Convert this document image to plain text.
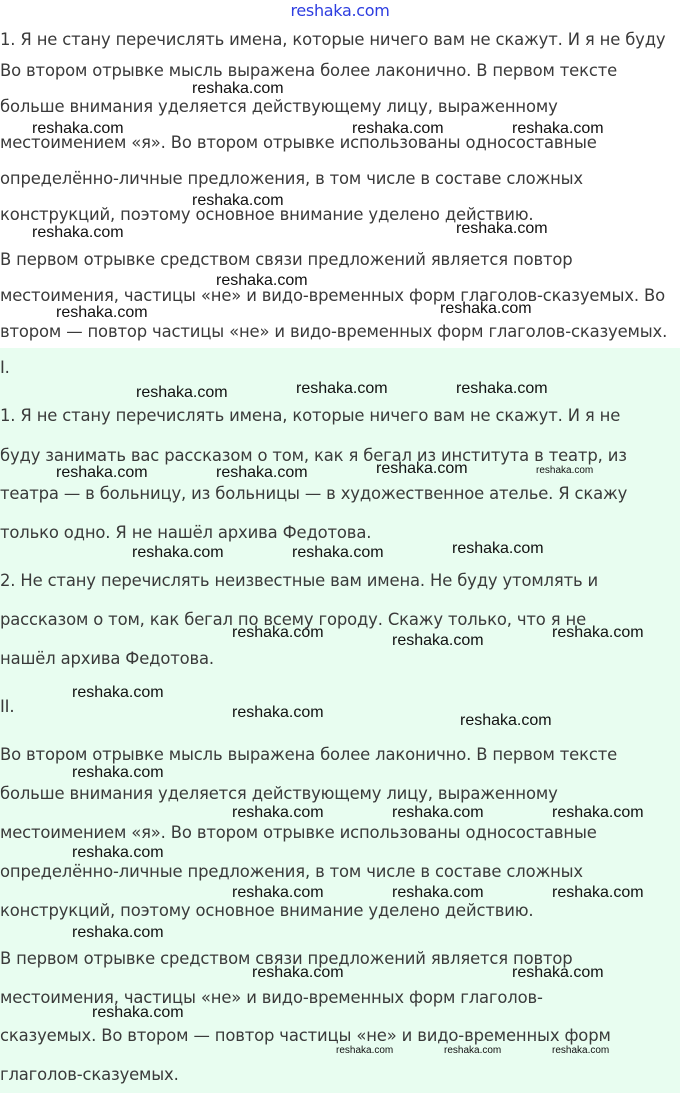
reshaka.com
1. Я не стану перечислять имена, которые ничего вам не скажут. И я не буду
Во втором отрывке мысль выражена более лаконично. В первом тексте
больше внимания уделяется действующему лицу, выраженному
местоимением «я». Во втором отрывке использованы односоставные
определённо-личные предложения, в том числе в составе сложных
конструкций, поэтому основное внимание уделено действию.
В первом отрывке средством связи предложений является повтор
местоимения, частицы «не» и видо-временных форм глаголов-сказуемых. Во
втором — повтор частицы «не» и видо-временных форм глаголов-сказуемых.
I.
1. Я не стану перечислять имена, которые ничего вам не скажут. И я не
буду занимать вас рассказом о том, как я бегал из института в театр, из
театра — в больницу, из больницы — в художественное ателье. Я скажу
только одно. Я не нашёл архива Федотова.
2. Не стану перечислять неизвестные вам имена. Не буду утомлять и
рассказом о том, как бегал по всему городу. Скажу только, что я не
нашёл архива Федотова.
II.
Во втором отрывке мысль выражена более лаконично. В первом тексте
больше внимания уделяется действующему лицу, выраженному
местоимением «я». Во втором отрывке использованы односоставные
определённо-личные предложения, в том числе в составе сложных
конструкций, поэтому основное внимание уделено действию.
В первом отрывке средством связи предложений является повтор
местоимения, частицы «не» и видо-временных форм глаголов-
сказуемых. Во втором — повтор частицы «не» и видо-временных форм
глаголов-сказуемых.
reshaka.com
reshaka.com	reshaka.com	reshaka.com
reshaka.com
reshaka.com	reshaka.com
reshaka.com
reshaka.com	reshaka.com
reshaka.com	reshaka.com	reshaka.com
reshaka.com	reshaka.com	reshaka.com	reshaka.com
reshaka.com	reshaka.com	reshaka.com
reshaka.com	reshaka.com	reshaka.com
reshaka.com
reshaka.com	reshaka.com
reshaka.com
reshaka.com	reshaka.com	reshaka.com
reshaka.com
reshaka.com	reshaka.com	reshaka.com
reshaka.com
reshaka.com	reshaka.com
reshaka.com
reshaka.com	reshaka.com	reshaka.com
